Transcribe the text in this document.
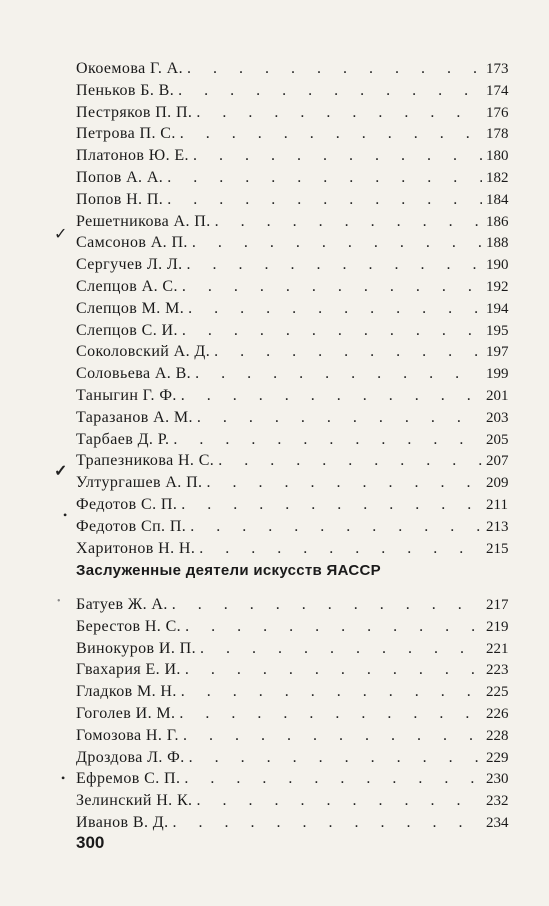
✓
✓
•
•
•
Окоемова Г. А. . . .	173
Пеньков Б. В. . . .	174
Пестряков П. П. . . .	176
Петрова П. С. . . .	178
Платонов Ю. Е. . . .	180
Попов А. А. . . .	182
Попов Н. П. . . .	184
Решетникова А. П. . . .	186
Самсонов А. П. . . .	188
Сергучев Л. Л. . . .	190
Слепцов А. С. . . .	192
Слепцов М. М. . . .	194
Слепцов С. И. . . .	195
Соколовский А. Д. . . .	197
Соловьева А. В. . . .	199
Таныгин Г. Ф. . . .	201
Таразанов А. М. . . .	203
Тарбаев Д. Р. . . .	205
Трапезникова Н. С. . . .	207
Ултургашев А. П. . . .	209
Федотов С. П. . . .	211
Федотов Сп. П. . . .	213
Харитонов Н. Н. . . .	215
Заслуженные деятели искусств ЯАССР
Батуев Ж. А. . . .	217
Берестов Н. С. . . .	219
Винокуров И. П. . . .	221
Гвахария Е. И. . . .	223
Гладков М. Н. . . .	225
Гоголев И. М. . . .	226
Гомозова Н. Г. . . .	228
Дроздова Л. Ф. . . .	229
Ефремов С. П. . . .	230
Зелинский Н. К. . . .	232
Иванов В. Д. . . .	234
300
